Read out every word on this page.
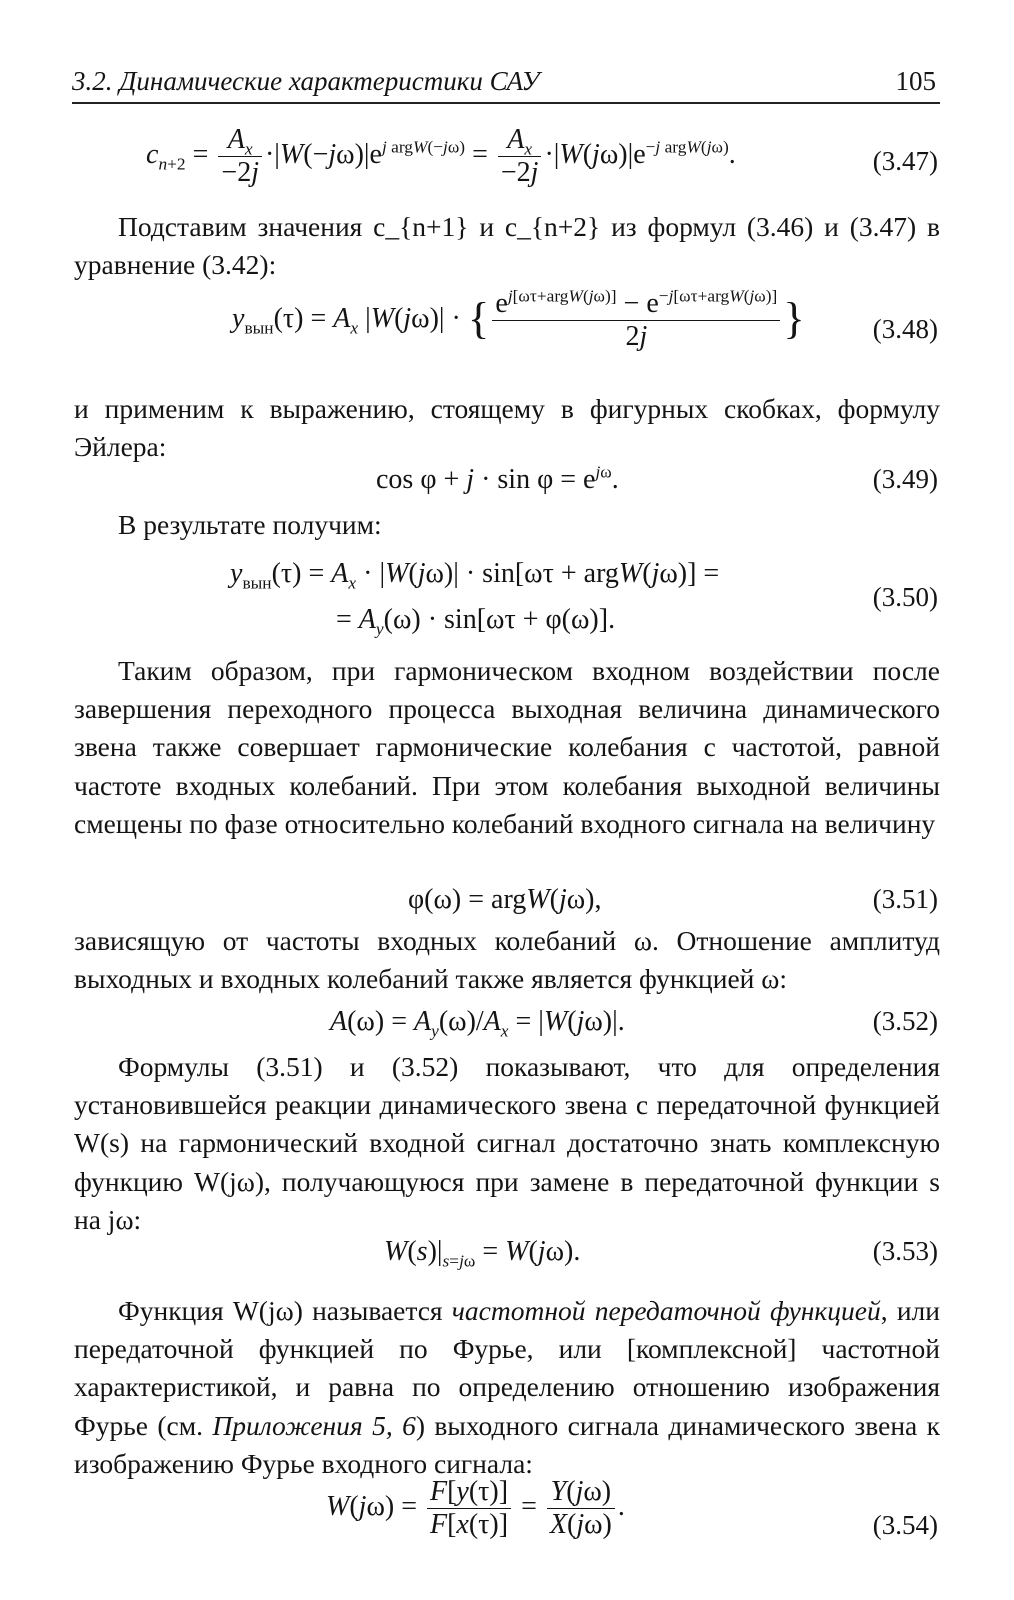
3.2. Динамические характеристики САУ	105
$c_{n+2} = \frac{A_x}{-2j} \cdot|W(-j\omega)|e^{j argW(-j\omega)} = \frac{A_x}{-2j} \cdot|W(j\omega)|e^{-j argW(j\omega)}$.	(3.47)

Подставим значения c_{n+1} и c_{n+2} из формул (3.46) и (3.47) в уравнение (3.42):

$y_{вын}(\tau) = A_x$ |W(jω)| · { $\frac{e^{j[\omega\tau+argW(j\omega)]} - e^{-j[\omega\tau+argW(j\omega)]}}{2j}$ }	(3.48)

и применим к выражению, стоящему в фигурных скобках, формулу Эйлера:

$\cos \varphi + j \cdot \sin \varphi = e^{j\omega}$.	(3.49)

В результате получим:

$y_{вын}(\tau) = A_x \cdot |W(j\omega)| \cdot \sin[\omega\tau$ + argW(jω)] =
= $A_y(\omega) \cdot \sin[\omega\tau + \varphi(\omega)]$.
(3.50)

Таким образом, при гармоническом входном воздействии после завершения переходного процесса выходная величина динамического звена также совершает гармонические колебания с частотой, равной частоте входных колебаний. При этом колебания выходной величины смещены по фазе относительно колебаний входного сигнала на величину

φ(ω) = argW(jω),	(3.51)

зависящую от частоты входных колебаний ω. Отношение амплитуд выходных и входных колебаний также является функцией ω:

$A(\omega) = A_y(\omega)/A_x = |W(j\omega)|$.	(3.52)

Формулы (3.51) и (3.52) показывают, что для определения установившейся реакции динамического звена с передаточной функцией W(s) на гармонический входной сигнал достаточно знать комплексную функцию W(jω), получающуюся при замене в передаточной функции s на jω:

$W(s)|_{s=j\omega} = W(j\omega)$.	(3.53)

Функция W(jω) называется частотной передаточной функцией, или передаточной функцией по Фурье, или [комплексной] частотной характеристикой, и равна по определению отношению изображения Фурье (см. Приложения 5, 6) выходного сигнала динамического звена к изображению Фурье входного сигнала:

$W(j\omega) = \frac{F[y(\tau)]}{F[x(\tau)]} = \frac{Y(j\omega)}{X(j\omega)}$ .
(3.54)
